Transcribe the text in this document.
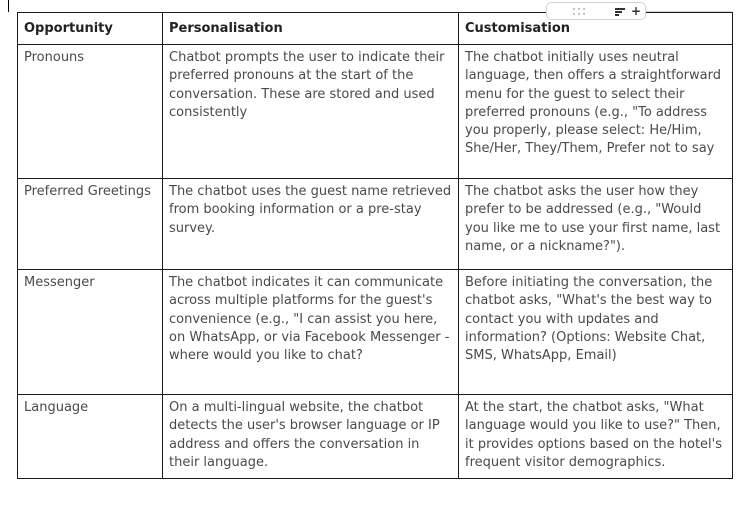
+
Opportunity	Personalisation	Customisation
Pronouns	Chatbot prompts the user to indicate their preferred pronouns at the start of the conversation. These are stored and used consistently	The chatbot initially uses neutral language, then offers a straightforward menu for the guest to select their preferred pronouns (e.g., "To address you properly, please select: He/Him, She/Her, They/Them, Prefer not to say
Preferred Greetings	The chatbot uses the guest name retrieved from booking information or a pre-stay survey.	The chatbot asks the user how they prefer to be addressed (e.g., "Would you like me to use your first name, last name, or a nickname?").
Messenger	The chatbot indicates it can communicate across multiple platforms for the guest's convenience (e.g., "I can assist you here, on WhatsApp, or via Facebook Messenger - where would you like to chat?	Before initiating the conversation, the chatbot asks, "What's the best way to contact you with updates and information? (Options: Website Chat, SMS, WhatsApp, Email)
Language	On a multi-lingual website, the chatbot detects the user's browser language or IP address and offers the conversation in their language.	At the start, the chatbot asks, "What language would you like to use?" Then, it provides options based on the hotel's frequent visitor demographics.
